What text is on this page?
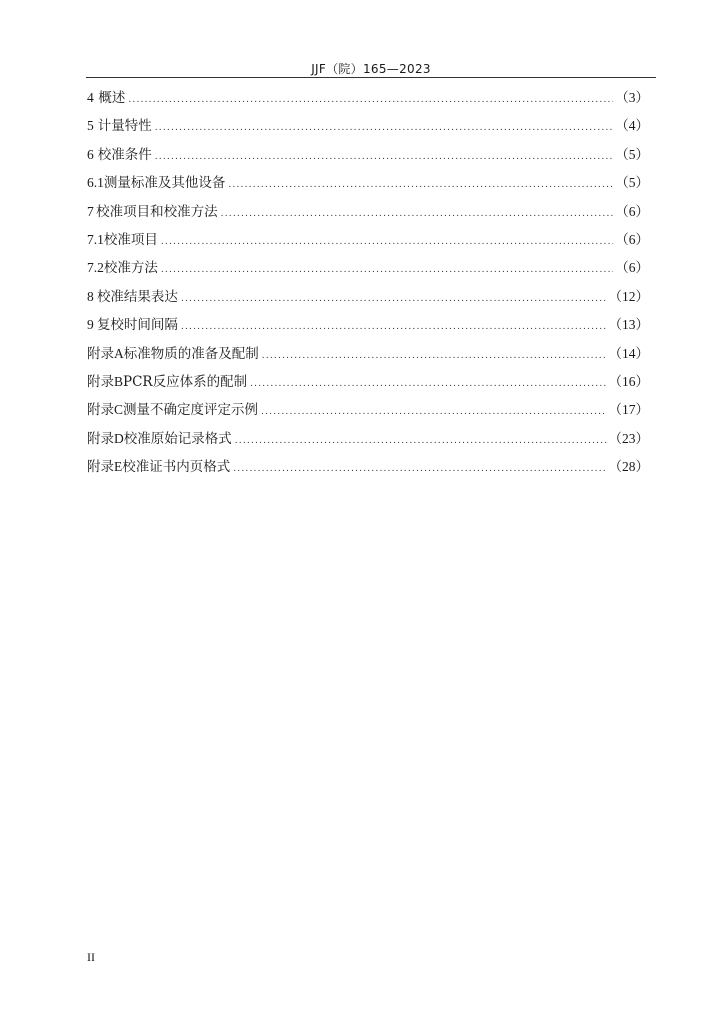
JJF（院）165—2023
4 概述 .....	（3）
5 计量特性 .....	（4）
6 校准条件 .....	（5）
6.1 测量标准及其他设备 .....	（5）
7 校准项目和校准方法 .....	（6）
7.1 校准项目 .....	（6）
7.2 校准方法 .....	（6）
8 校准结果表达 .....	（12）
9 复校时间间隔 .....	（13）
附录A 标准物质的准备及配制 .....	（14）
附录B PCR反应体系的配制 .....	（16）
附录C 测量不确定度评定示例 .....	（17）
附录D 校准原始记录格式 .....	（23）
附录E 校准证书内页格式 .....	（28）
II
